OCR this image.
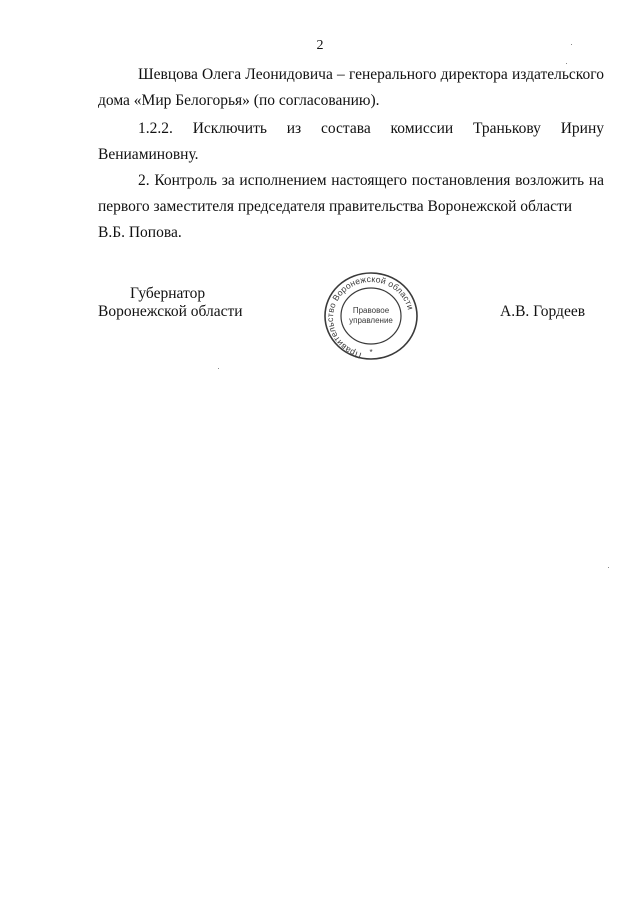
2

Шевцова Олега Леонидовича – генерального директора издательского
дома «Мир Белогорья» (по согласованию).

1.2.2. Исключить из состава комиссии Транькову Ирину
Вениаминовну.

2. Контроль за исполнением настоящего постановления возложить на
первого заместителя председателя правительства Воронежской области
В.Б. Попова.

Губернатор
Воронежской области
Правительство Воронежской области
Правовое
управление
*
А.В. Гордеев
